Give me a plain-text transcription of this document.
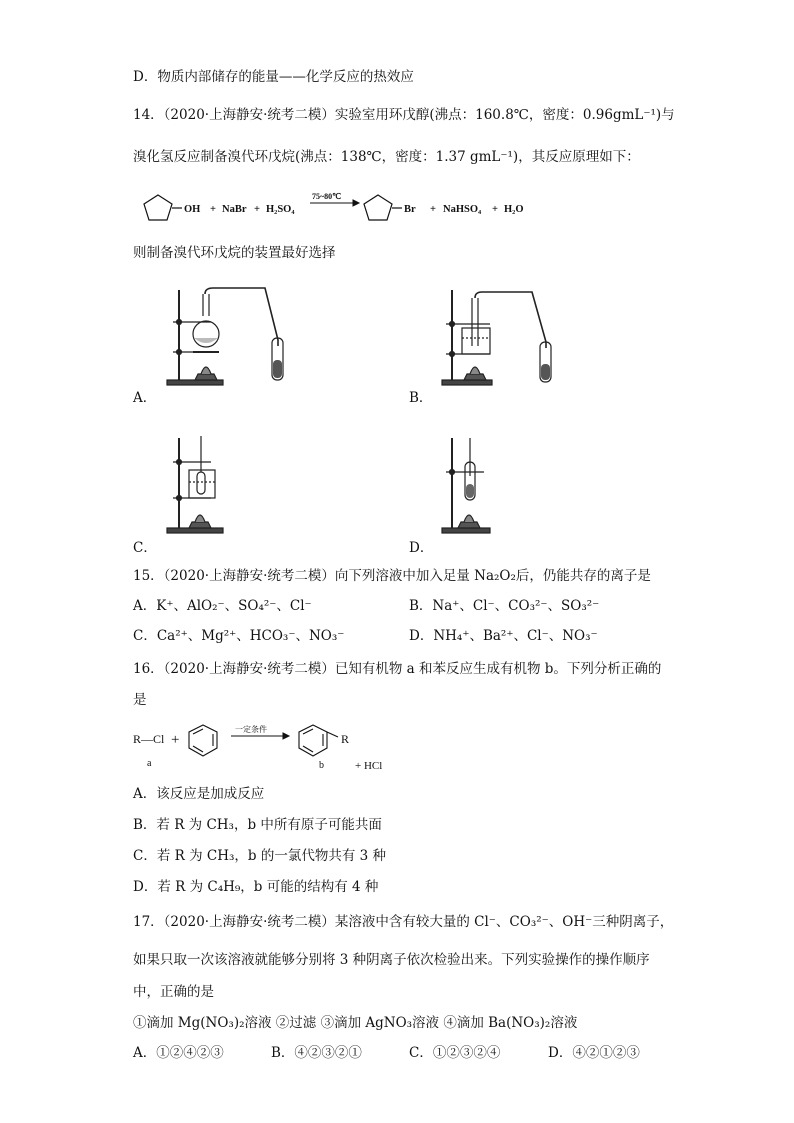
D．物质内部储存的能量——化学反应的热效应
14．（2020·上海静安·统考二模）实验室用环戊醇(沸点：160.8℃，密度：0.96gmL⁻¹)与
溴化氢反应制备溴代环戊烷(沸点：138℃，密度：1.37 gmL⁻¹)，其反应原理如下：
OH + NaBr + H₂SO₄
75~80℃
Br + NaHSO₄ + H₂O
则制备溴代环戊烷的装置最好选择
A．	B．
C．	D．
15．（2020·上海静安·统考二模）向下列溶液中加入足量 Na₂O₂后，仍能共存的离子是
A．K⁺、AlO₂⁻、SO₄²⁻、Cl⁻	B．Na⁺、Cl⁻、CO₃²⁻、SO₃²⁻
C．Ca²⁺、Mg²⁺、HCO₃⁻、NO₃⁻	D．NH₄⁺、Ba²⁺、Cl⁻、NO₃⁻
16．（2020·上海静安·统考二模）已知有机物 a 和苯反应生成有机物 b。下列分析正确的
是
R—Cl +
一定条件
R
a	b	+ HCl
A．该反应是加成反应
B．若 R 为 CH₃，b 中所有原子可能共面
C．若 R 为 CH₃，b 的一氯代物共有 3 种
D．若 R 为 C₄H₉，b 可能的结构有 4 种
17．（2020·上海静安·统考二模）某溶液中含有较大量的 Cl⁻、CO₃²⁻、OH⁻三种阴离子，
如果只取一次该溶液就能够分别将 3 种阴离子依次检验出来。下列实验操作的操作顺序
中，正确的是
①滴加 Mg(NO₃)₂溶液 ②过滤 ③滴加 AgNO₃溶液 ④滴加 Ba(NO₃)₂溶液
A．①②④②③	B．④②③②①	C．①②③②④	D．④②①②③
